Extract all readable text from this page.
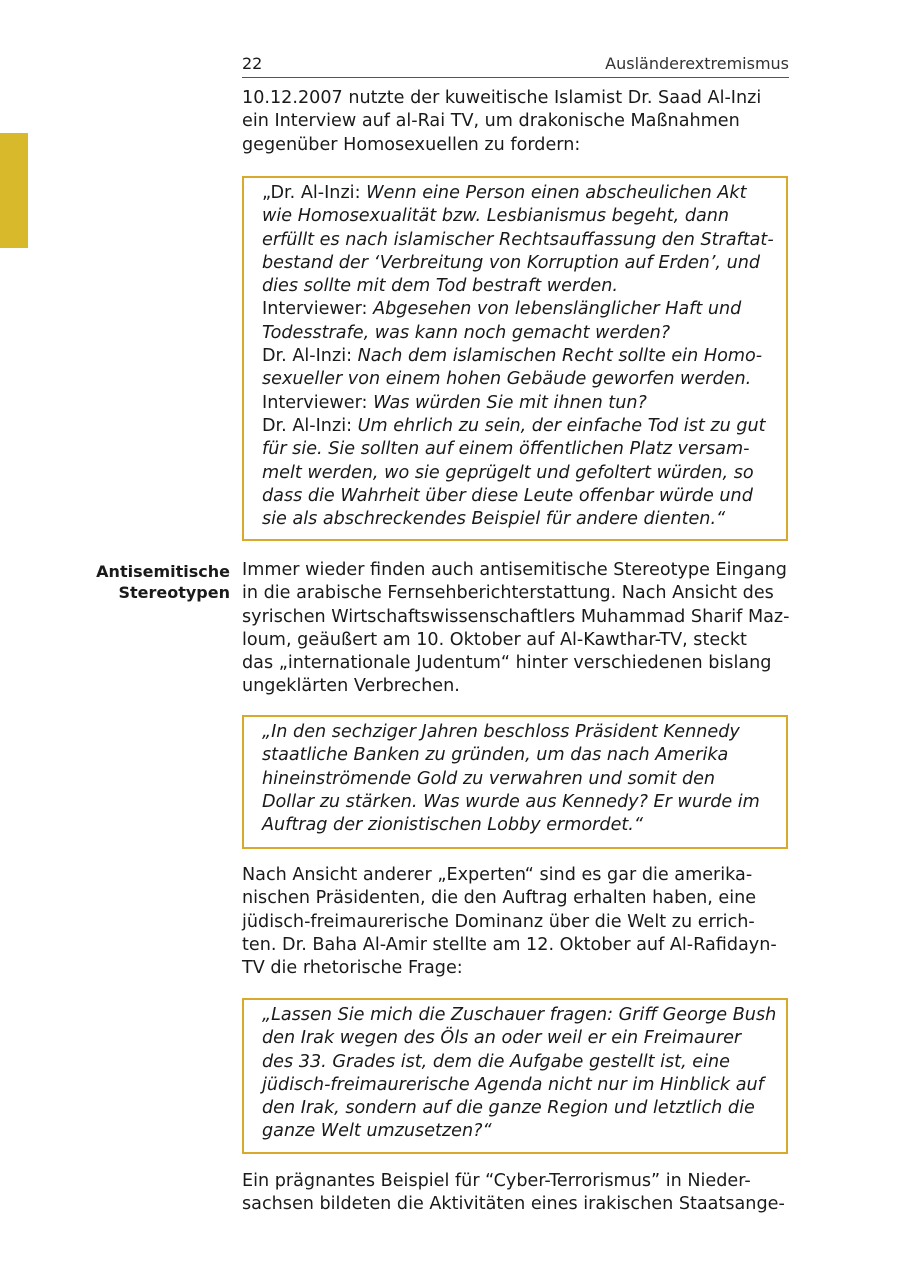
22	Ausländerextremismus
10.12.2007 nutzte der kuweitische Islamist Dr. Saad Al-Inzi
ein Interview auf al-Rai TV, um drakonische Maßnahmen
gegenüber Homosexuellen zu fordern:
„Dr. Al-Inzi: Wenn eine Person einen abscheulichen Akt
wie Homosexualität bzw. Lesbianismus begeht, dann
erfüllt es nach islamischer Rechtsauffassung den Straftat-
bestand der ‘Verbreitung von Korruption auf Erden’, und
dies sollte mit dem Tod bestraft werden.
Interviewer: Abgesehen von lebenslänglicher Haft und
Todesstrafe, was kann noch gemacht werden?
Dr. Al-Inzi: Nach dem islamischen Recht sollte ein Homo-
sexueller von einem hohen Gebäude geworfen werden.
Interviewer: Was würden Sie mit ihnen tun?
Dr. Al-Inzi: Um ehrlich zu sein, der einfache Tod ist zu gut
für sie. Sie sollten auf einem öffentlichen Platz versam-
melt werden, wo sie geprügelt und gefoltert würden, so
dass die Wahrheit über diese Leute offenbar würde und
sie als abschreckendes Beispiel für andere dienten.“
Antisemitische
Stereotypen
Immer wieder finden auch antisemitische Stereotype Eingang
in die arabische Fernsehberichterstattung. Nach Ansicht des
syrischen Wirtschaftswissenschaftlers Muhammad Sharif Maz-
loum, geäußert am 10. Oktober auf Al-Kawthar-TV, steckt
das „internationale Judentum“ hinter verschiedenen bislang
ungeklärten Verbrechen.
„In den sechziger Jahren beschloss Präsident Kennedy
staatliche Banken zu gründen, um das nach Amerika
hineinströmende Gold zu verwahren und somit den
Dollar zu stärken. Was wurde aus Kennedy? Er wurde im
Auftrag der zionistischen Lobby ermordet.“
Nach Ansicht anderer „Experten“ sind es gar die amerika-
nischen Präsidenten, die den Auftrag erhalten haben, eine
jüdisch-freimaurerische Dominanz über die Welt zu errich-
ten. Dr. Baha Al-Amir stellte am 12. Oktober auf Al-Rafidayn-
TV die rhetorische Frage:
„Lassen Sie mich die Zuschauer fragen: Griff George Bush
den Irak wegen des Öls an oder weil er ein Freimaurer
des 33. Grades ist, dem die Aufgabe gestellt ist, eine
jüdisch-freimaurerische Agenda nicht nur im Hinblick auf
den Irak, sondern auf die ganze Region und letztlich die
ganze Welt umzusetzen?“
Ein prägnantes Beispiel für “Cyber-Terrorismus” in Nieder-
sachsen bildeten die Aktivitäten eines irakischen Staatsange-
